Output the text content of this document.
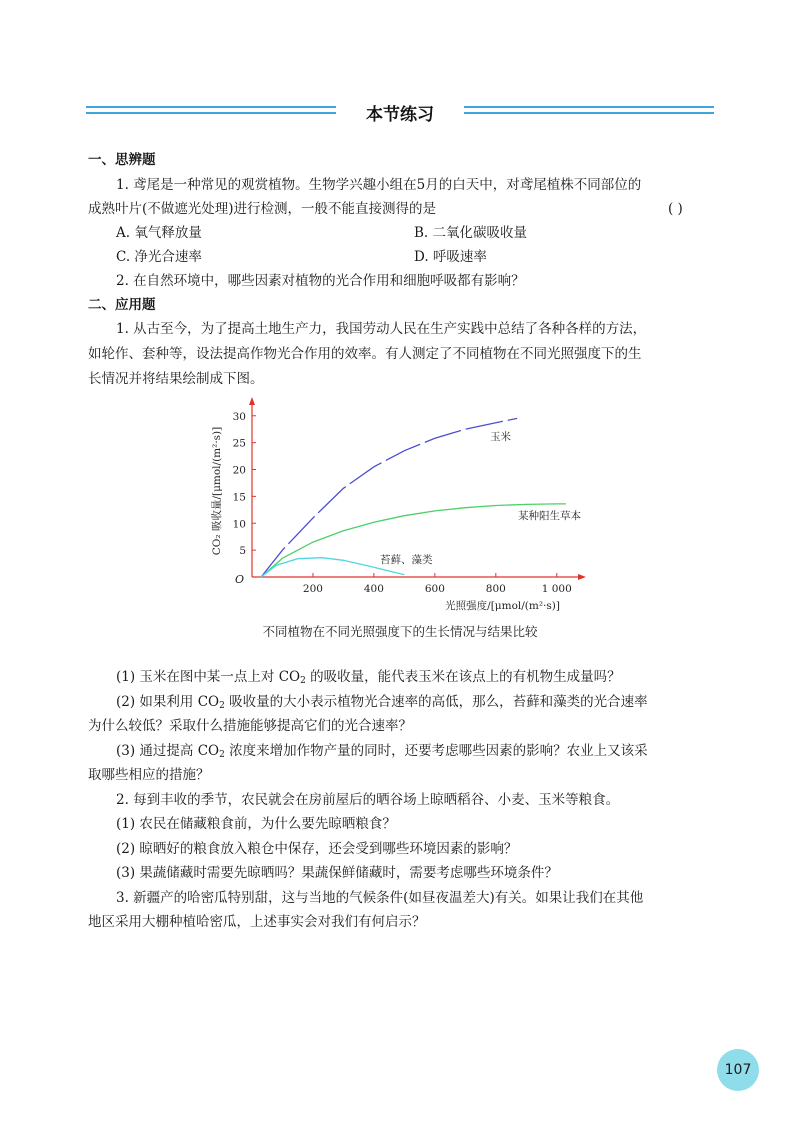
本节练习
一、思辨题
1. 鸢尾是一种常见的观赏植物。生物学兴趣小组在5月的白天中，对鸢尾植株不同部位的
成熟叶片(不做遮光处理)进行检测，一般不能直接测得的是	( )
A. 氧气释放量	B. 二氧化碳吸收量
C. 净光合速率	D. 呼吸速率
2. 在自然环境中，哪些因素对植物的光合作用和细胞呼吸都有影响？
二、应用题
1. 从古至今，为了提高土地生产力，我国劳动人民在生产实践中总结了各种各样的方法，
如轮作、套种等，设法提高作物光合作用的效率。有人测定了不同植物在不同光照强度下的生
长情况并将结果绘制成下图。
O
200	400	600	800	1 000
5
10
15
20
25
30
光照强度/[μmol/(m²·s)]
CO₂ 吸收量/[μmol/(m²·s)]	玉米
某种阳生草本
苔藓、藻类
不同植物在不同光照强度下的生长情况与结果比较
(1) 玉米在图中某一点上对 $CO_2$ 的吸收量，能代表玉米在该点上的有机物生成量吗？
(2) 如果利用 $CO_2$ 吸收量的大小表示植物光合速率的高低，那么，苔藓和藻类的光合速率
为什么较低？采取什么措施能够提高它们的光合速率？
(3) 通过提高 $CO_2$ 浓度来增加作物产量的同时，还要考虑哪些因素的影响？农业上又该采
取哪些相应的措施？
2. 每到丰收的季节，农民就会在房前屋后的晒谷场上晾晒稻谷、小麦、玉米等粮食。
(1) 农民在储藏粮食前，为什么要先晾晒粮食？
(2) 晾晒好的粮食放入粮仓中保存，还会受到哪些环境因素的影响？
(3) 果蔬储藏时需要先晾晒吗？果蔬保鲜储藏时，需要考虑哪些环境条件？
3. 新疆产的哈密瓜特别甜，这与当地的气候条件(如昼夜温差大)有关。如果让我们在其他
地区采用大棚种植哈密瓜，上述事实会对我们有何启示？
107
